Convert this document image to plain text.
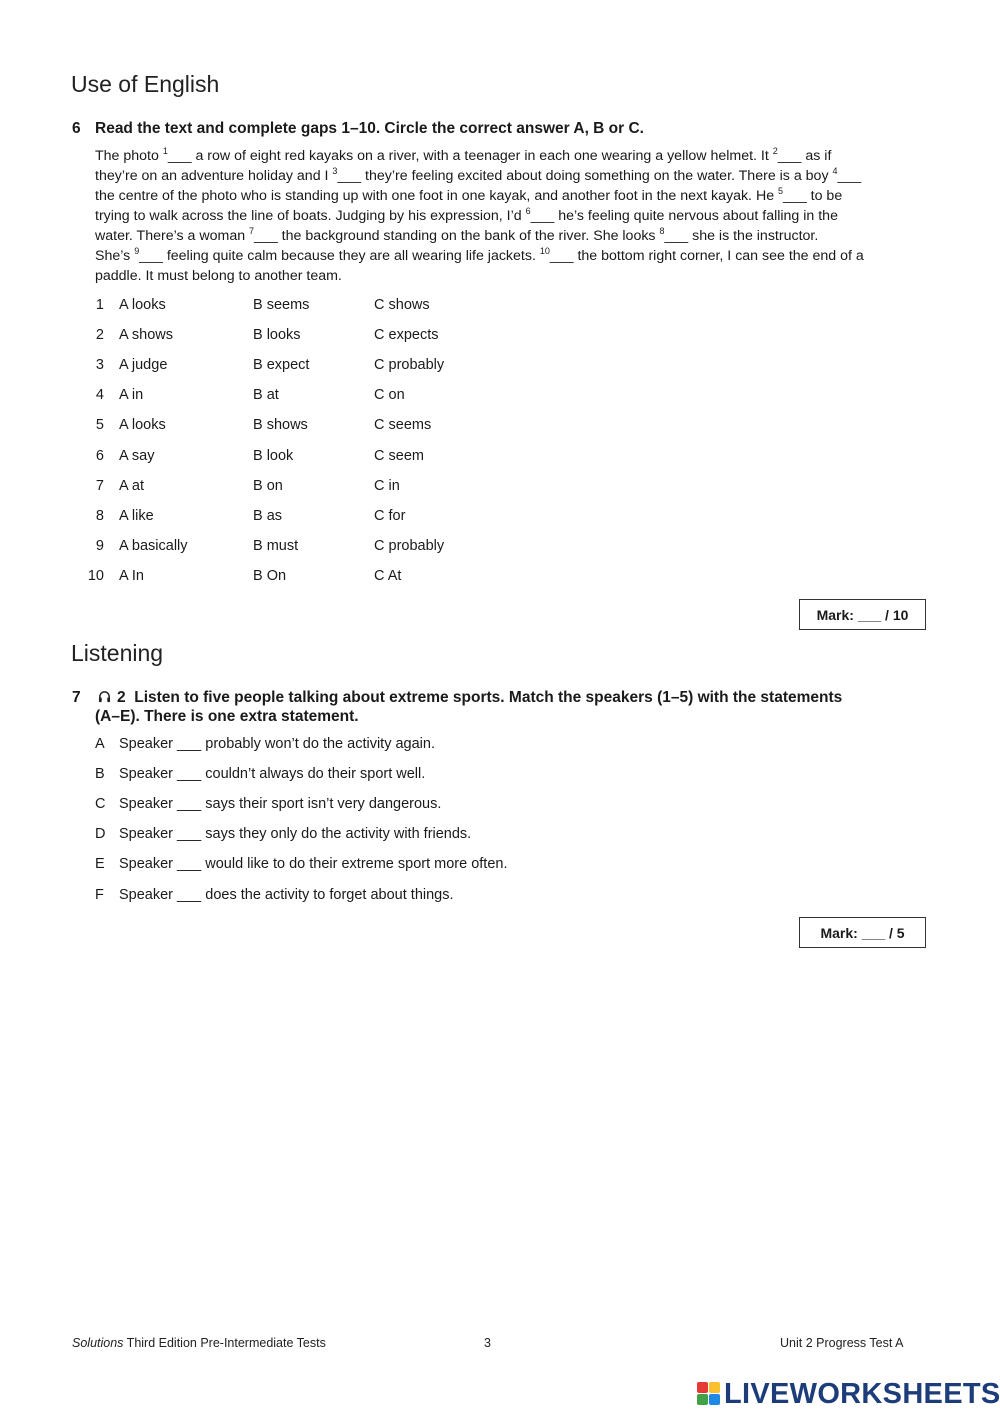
Use of English
6 Read the text and complete gaps 1–10. Circle the correct answer A, B or C.

The photo $^1$___ a row of eight red kayaks on a river, with a teenager in each one wearing a yellow helmet. It $^2$___ as if

they’re on an adventure holiday and I $^3$___ they’re feeling excited about doing something on the water. There is a boy $^4$___

the centre of the photo who is standing up with one foot in one kayak, and another foot in the next kayak. He $^5$___ to be

trying to walk across the line of boats. Judging by his expression, I’d $^6$___ he’s feeling quite nervous about falling in the

water. There’s a woman $^7$___ the background standing on the bank of the river. She looks $^8$___ she is the instructor.

She’s $^9$___ feeling quite calm because they are all wearing life jackets. $^{10}$___ the bottom right corner, I can see the end of a

paddle. It must belong to another team.

1 A looks	B seems	C shows
2 A shows	B looks	C expects
3 A judge	B expect	C probably
4 A in	B at	C on
5 A looks	B shows	C seems
6 A say	B look	C seem
7 A at	B on	C in
8 A like	B as	C for
9 A basically	B must	C probably
10 A In	B On	C At
Mark: ___ / 10
Listening
7	2 Listen to five people talking about extreme sports. Match the speakers (1–5) with the statements
(A–E). There is one extra statement.
A Speaker ___ probably won’t do the activity again.
B Speaker ___ couldn’t always do their sport well.
C Speaker ___ says their sport isn’t very dangerous.
D Speaker ___ says they only do the activity with friends.
E Speaker ___ would like to do their extreme sport more often.
F Speaker ___ does the activity to forget about things.
Mark: ___ / 5
Solutions Third Edition Pre-Intermediate Tests	3	Unit 2 Progress Test A
LIVEWORKSHEETS
